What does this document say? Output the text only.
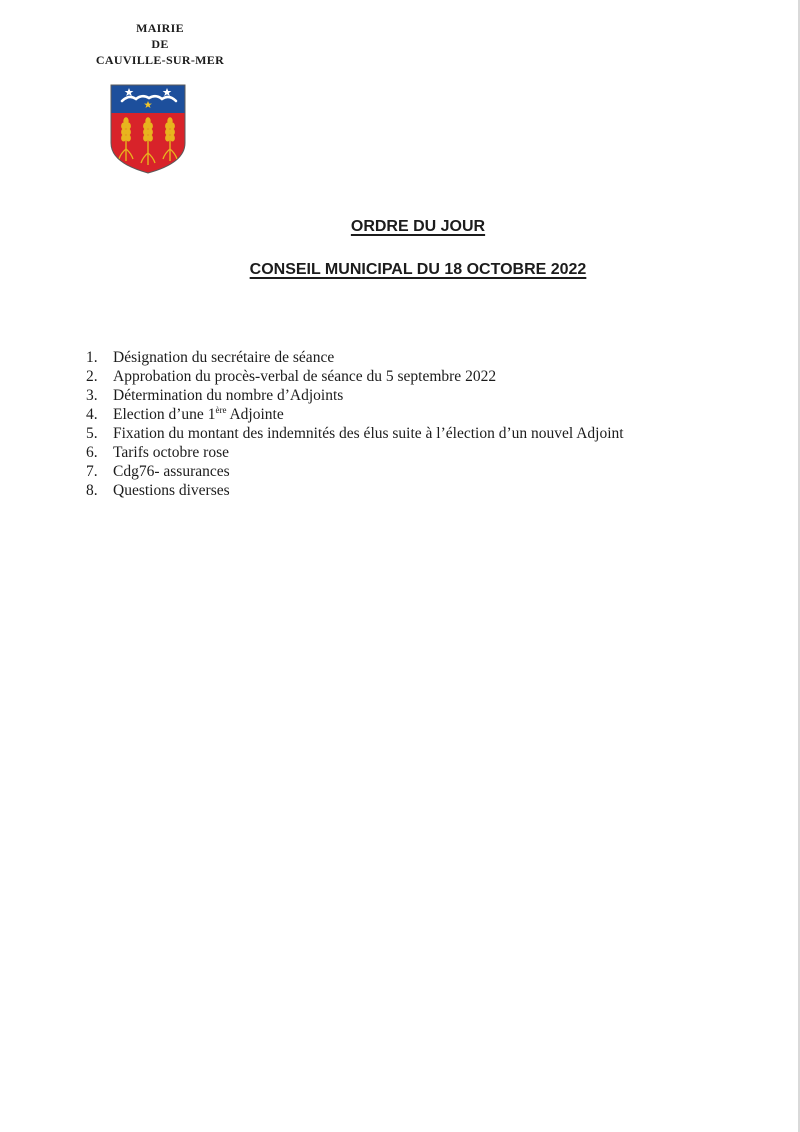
MAIRIE
DE
CAUVILLE-SUR-MER
ORDRE DU JOUR
CONSEIL MUNICIPAL DU 18 OCTOBRE 2022
1. Désignation du secrétaire de séance
2. Approbation du procès-verbal de séance du 5 septembre 2022
3. Détermination du nombre d’Adjoints
4. Election d’une 1ère Adjointe
5. Fixation du montant des indemnités des élus suite à l’élection d’un nouvel Adjoint
6. Tarifs octobre rose
7. Cdg76- assurances
8. Questions diverses
